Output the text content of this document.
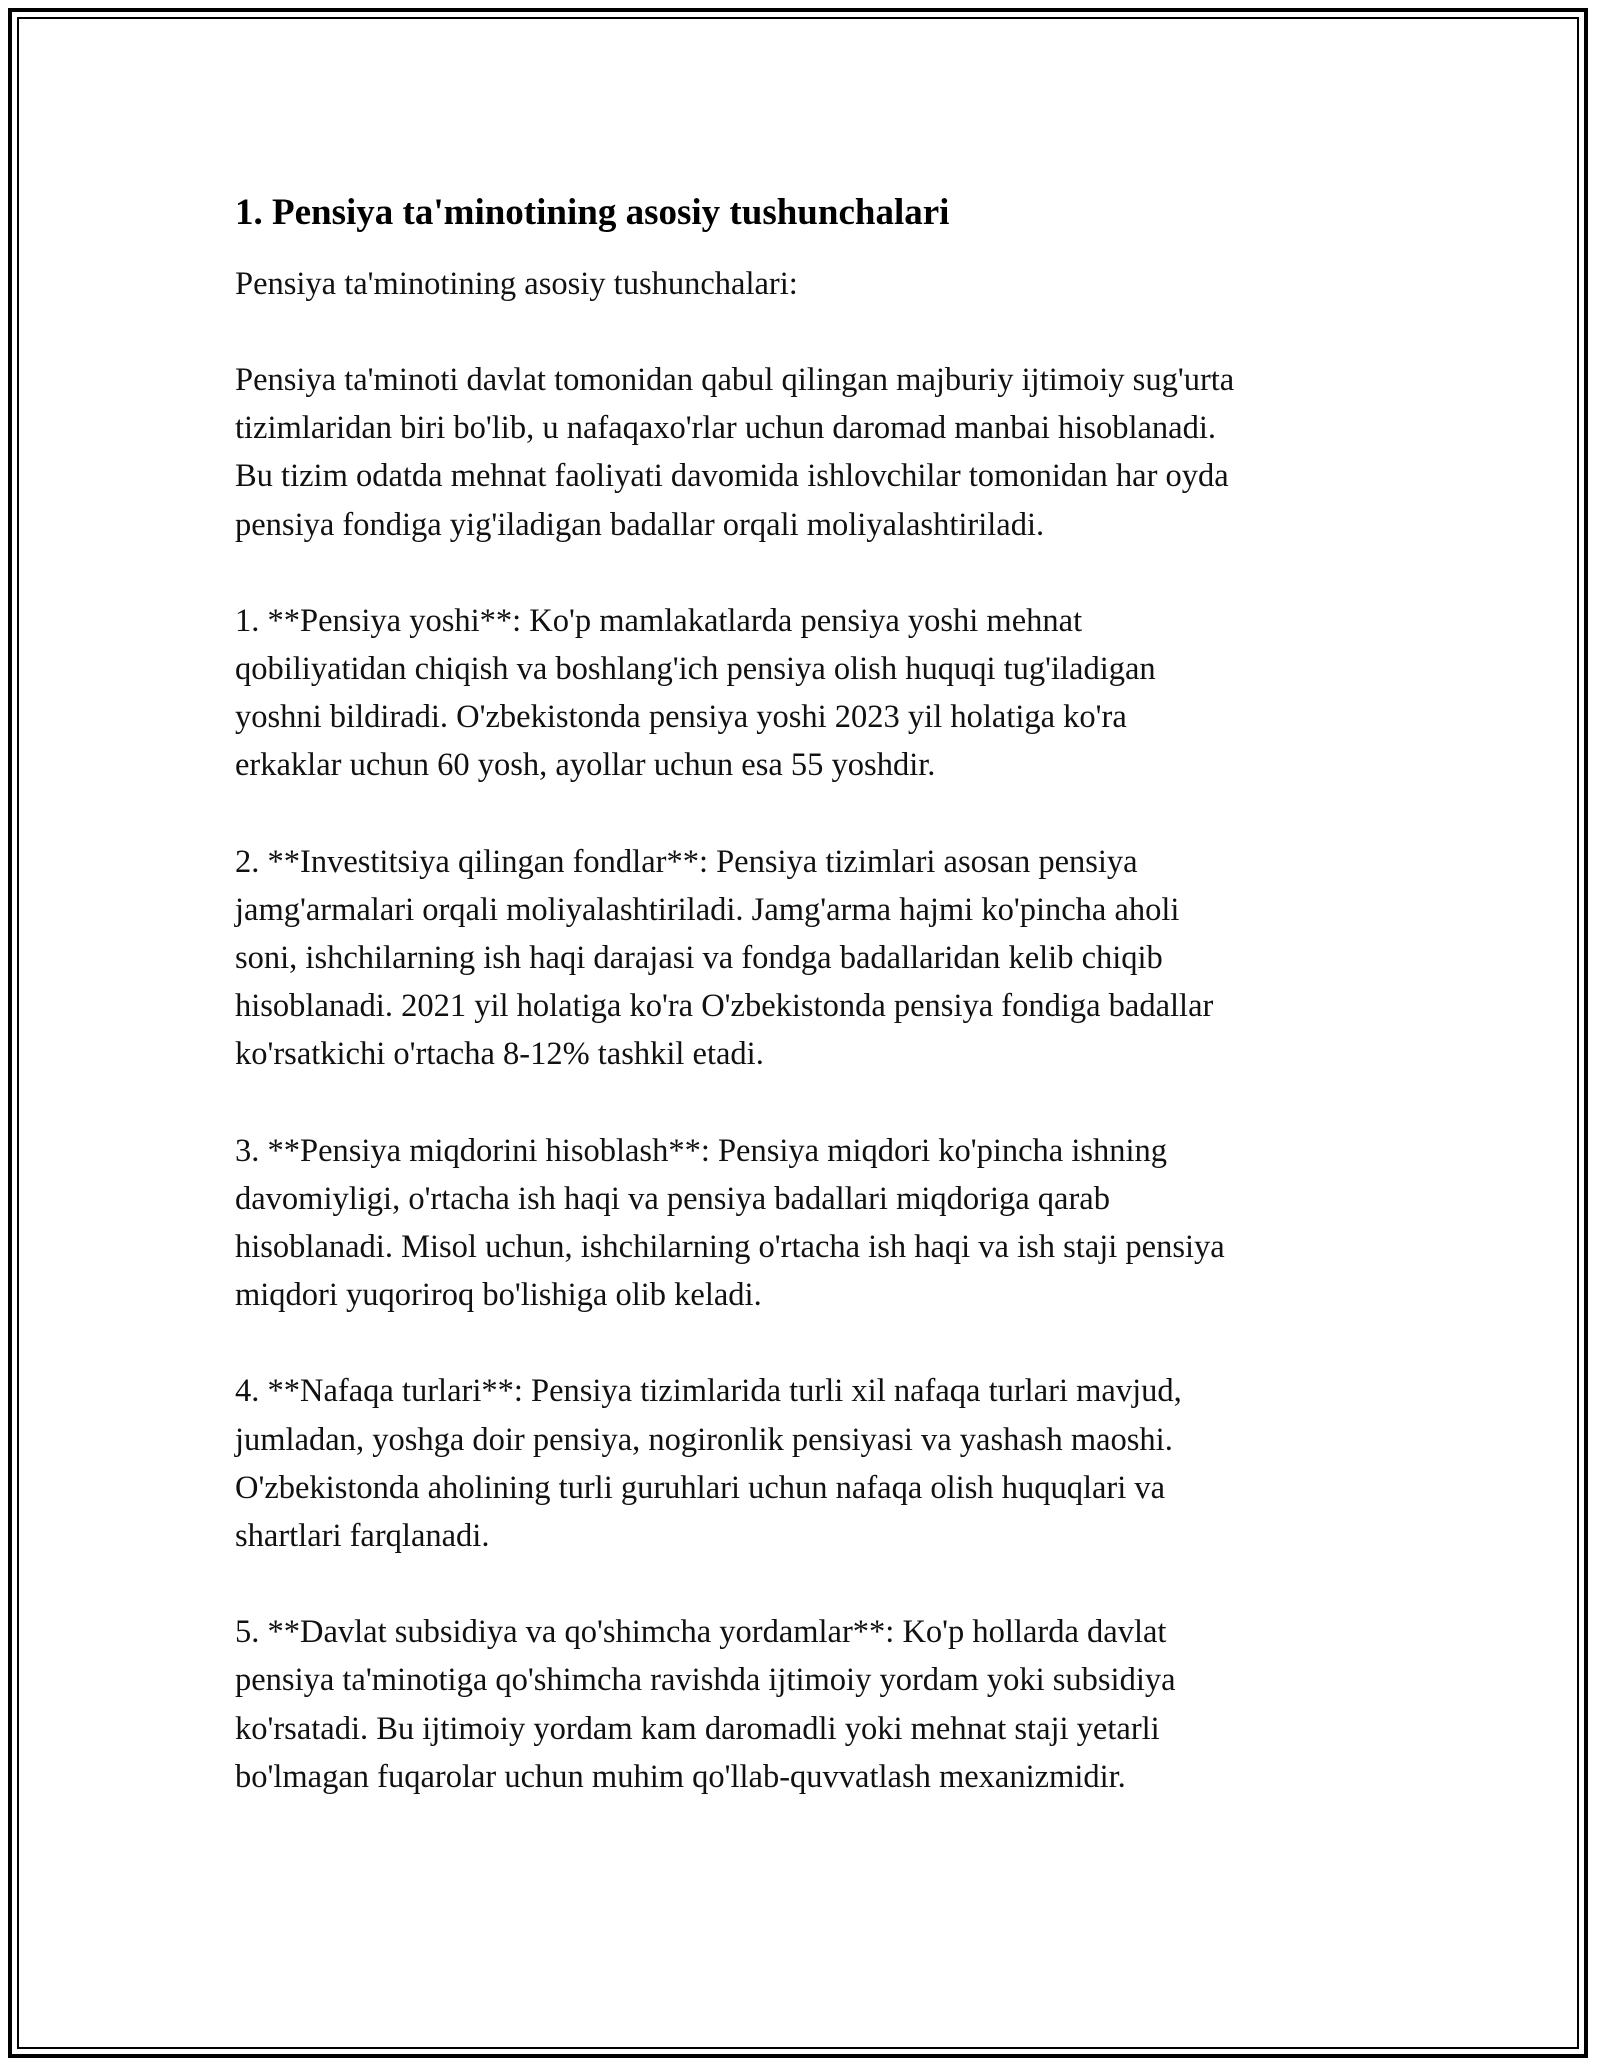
1. Pensiya ta'minotining asosiy tushunchalari

Pensiya ta'minotining asosiy tushunchalari:

Pensiya ta'minoti davlat tomonidan qabul qilingan majburiy ijtimoiy sug'urta
tizimlaridan biri bo'lib, u nafaqaxo'rlar uchun daromad manbai hisoblanadi.
Bu tizim odatda mehnat faoliyati davomida ishlovchilar tomonidan har oyda
pensiya fondiga yig'iladigan badallar orqali moliyalashtiriladi.

1. **Pensiya yoshi**: Ko'p mamlakatlarda pensiya yoshi mehnat
qobiliyatidan chiqish va boshlang'ich pensiya olish huquqi tug'iladigan
yoshni bildiradi. O'zbekistonda pensiya yoshi 2023 yil holatiga ko'ra
erkaklar uchun 60 yosh, ayollar uchun esa 55 yoshdir.

2. **Investitsiya qilingan fondlar**: Pensiya tizimlari asosan pensiya
jamg'armalari orqali moliyalashtiriladi. Jamg'arma hajmi ko'pincha aholi
soni, ishchilarning ish haqi darajasi va fondga badallaridan kelib chiqib
hisoblanadi. 2021 yil holatiga ko'ra O'zbekistonda pensiya fondiga badallar
ko'rsatkichi o'rtacha 8-12% tashkil etadi.

3. **Pensiya miqdorini hisoblash**: Pensiya miqdori ko'pincha ishning
davomiyligi, o'rtacha ish haqi va pensiya badallari miqdoriga qarab
hisoblanadi. Misol uchun, ishchilarning o'rtacha ish haqi va ish staji pensiya
miqdori yuqoriroq bo'lishiga olib keladi.

4. **Nafaqa turlari**: Pensiya tizimlarida turli xil nafaqa turlari mavjud,
jumladan, yoshga doir pensiya, nogironlik pensiyasi va yashash maoshi.
O'zbekistonda aholining turli guruhlari uchun nafaqa olish huquqlari va
shartlari farqlanadi.

5. **Davlat subsidiya va qo'shimcha yordamlar**: Ko'p hollarda davlat
pensiya ta'minotiga qo'shimcha ravishda ijtimoiy yordam yoki subsidiya
ko'rsatadi. Bu ijtimoiy yordam kam daromadli yoki mehnat staji yetarli
bo'lmagan fuqarolar uchun muhim qo'llab-quvvatlash mexanizmidir.
